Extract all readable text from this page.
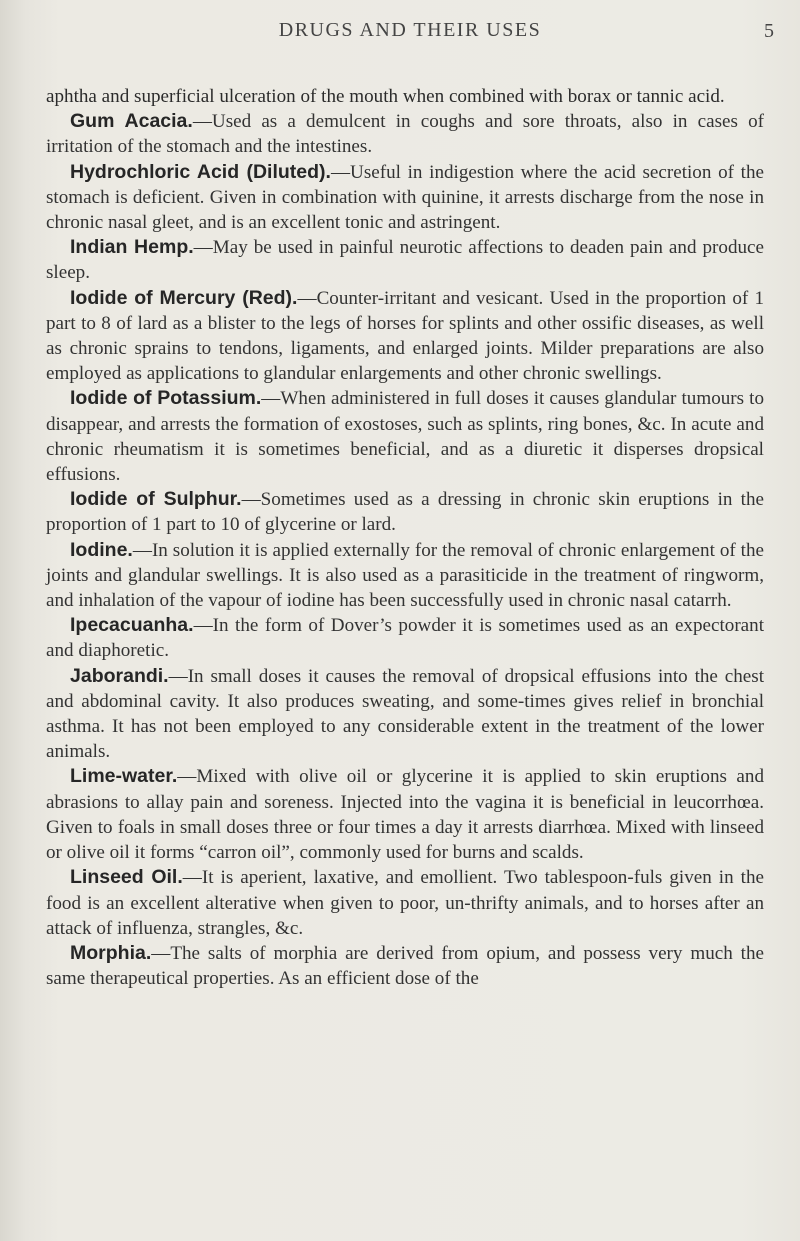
DRUGS AND THEIR USES	5

aphtha and superficial ulceration of the mouth when combined with borax or tannic acid.

Gum Acacia.—Used as a demulcent in coughs and sore throats, also in cases of irritation of the stomach and the intestines.

Hydrochloric Acid (Diluted).—Useful in indigestion where the acid secretion of the stomach is deficient. Given in combination with quinine, it arrests discharge from the nose in chronic nasal gleet, and is an excellent tonic and astringent.

Indian Hemp.—May be used in painful neurotic affections to deaden pain and produce sleep.

Iodide of Mercury (Red).—Counter-irritant and vesicant. Used in the proportion of 1 part to 8 of lard as a blister to the legs of horses for splints and other ossific diseases, as well as chronic sprains to tendons, ligaments, and enlarged joints. Milder preparations are also employed as applications to glandular enlargements and other chronic swellings.

Iodide of Potassium.—When administered in full doses it causes glandular tumours to disappear, and arrests the formation of exostoses, such as splints, ring bones, &c. In acute and chronic rheumatism it is sometimes beneficial, and as a diuretic it disperses dropsical effusions.

Iodide of Sulphur.—Sometimes used as a dressing in chronic skin eruptions in the proportion of 1 part to 10 of glycerine or lard.

Iodine.—In solution it is applied externally for the removal of chronic enlargement of the joints and glandular swellings. It is also used as a parasiticide in the treatment of ringworm, and inhalation of the vapour of iodine has been successfully used in chronic nasal catarrh.

Ipecacuanha.—In the form of Dover’s powder it is sometimes used as an expectorant and diaphoretic.

Jaborandi.—In small doses it causes the removal of dropsical effusions into the chest and abdominal cavity. It also produces sweating, and some-times gives relief in bronchial asthma. It has not been employed to any considerable extent in the treatment of the lower animals.

Lime-water.—Mixed with olive oil or glycerine it is applied to skin eruptions and abrasions to allay pain and soreness. Injected into the vagina it is beneficial in leucorrhœa. Given to foals in small doses three or four times a day it arrests diarrhœa. Mixed with linseed or olive oil it forms “carron oil”, commonly used for burns and scalds.

Linseed Oil.—It is aperient, laxative, and emollient. Two tablespoon-fuls given in the food is an excellent alterative when given to poor, un-thrifty animals, and to horses after an attack of influenza, strangles, &c.

Morphia.—The salts of morphia are derived from opium, and possess very much the same therapeutical properties. As an efficient dose of the
